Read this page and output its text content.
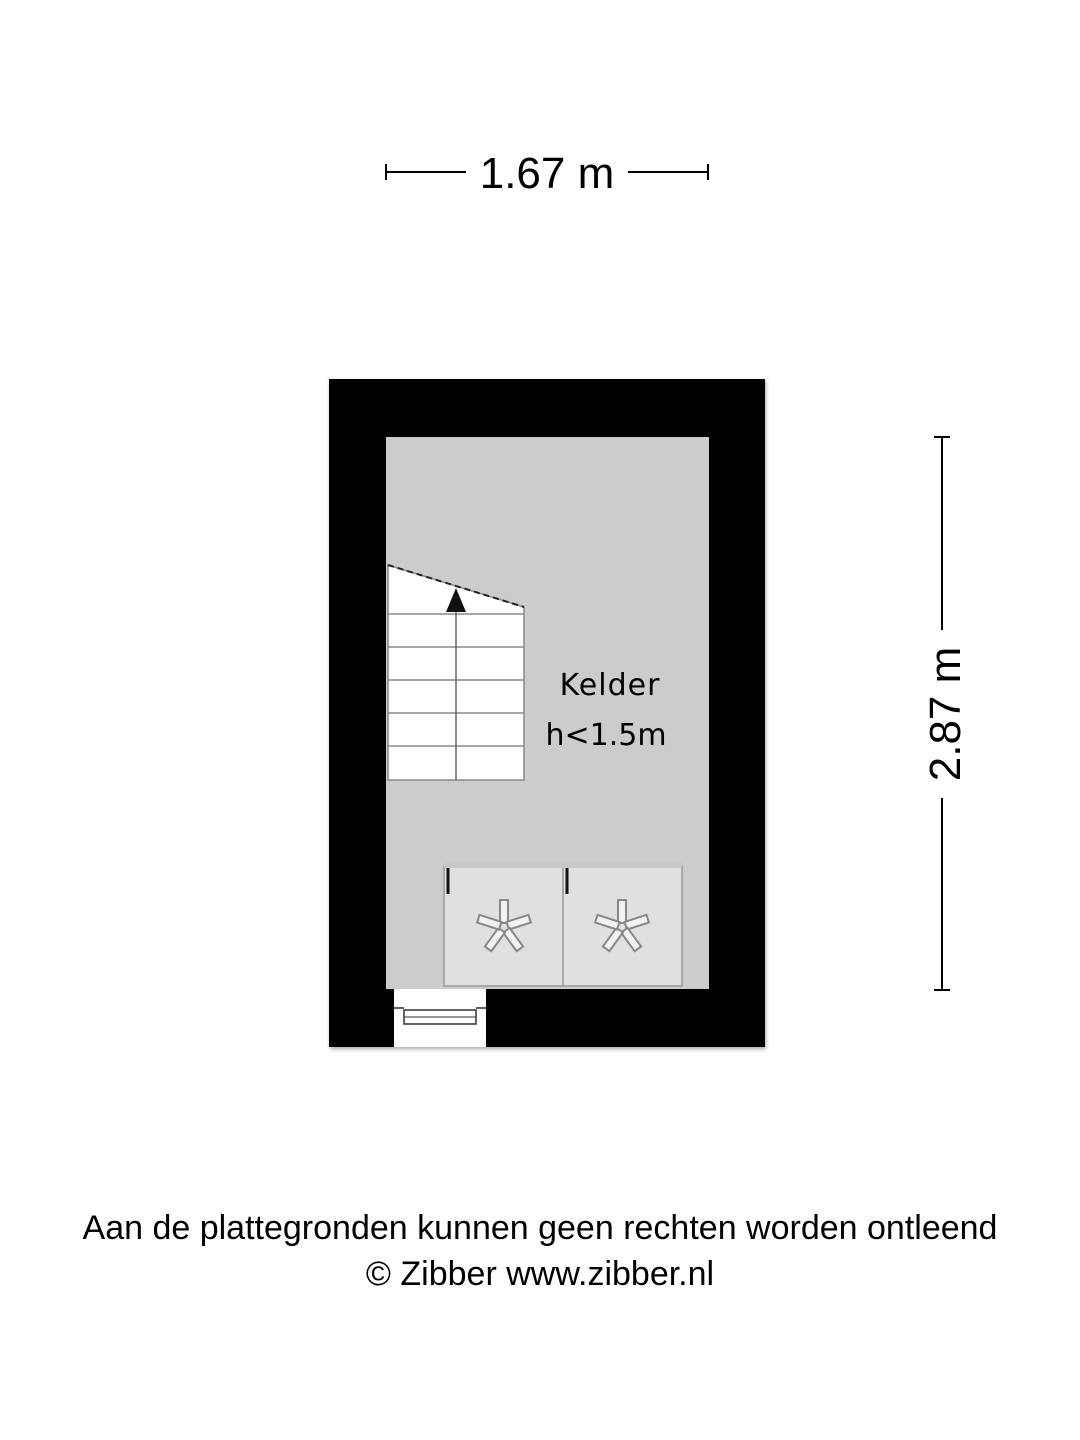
1.67 m
2.87 m
Kelder
h<1.5m
Aan de plattegronden kunnen geen rechten worden ontleend
© Zibber www.zibber.nl
